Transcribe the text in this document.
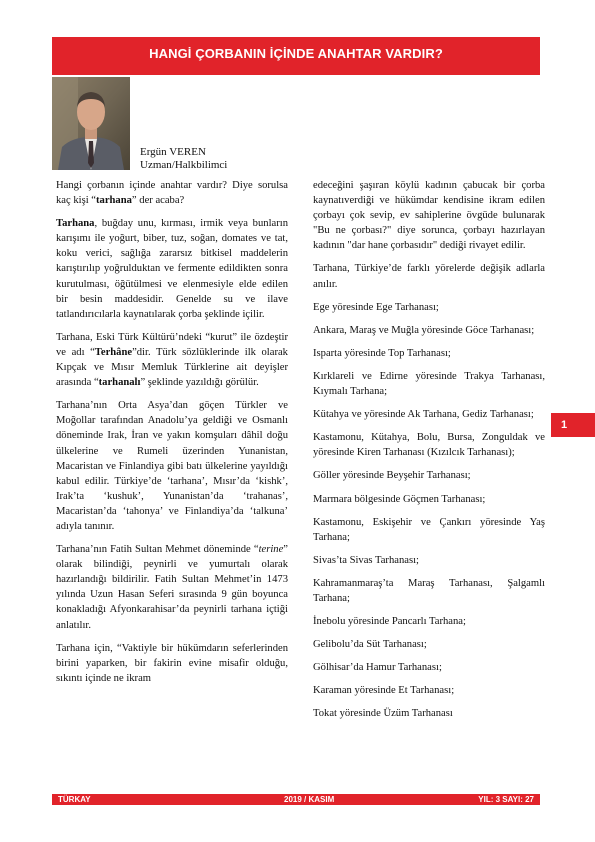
HANGİ ÇORBANIN İÇİNDE ANAHTAR VARDIR?
Ergün VEREN
Uzman/Halkbilimci

Hangi çorbanın içinde anahtar vardır? Diye sorulsa kaç kişi “tarhana” der acaba?

Tarhana, buğday unu, kırması, irmik veya bunların karışımı ile yoğurt, biber, tuz, soğan, domates ve tat, koku verici, sağlığa zararsız bitkisel maddelerin karıştırılıp yoğrulduktan ve fermente edildikten sonra kurutulması, öğütülmesi ve elenmesiyle elde edilen bir besin maddesidir. Genelde su ve ilave tatlandırıcılarla kaynatılarak çorba şeklinde içilir.

Tarhana, Eski Türk Kültürü’ndeki “kurut” ile özdeştir ve adı “Terhâne”dir. Türk sözlüklerinde ilk olarak Kıpçak ve Mısır Memluk Türklerine ait deyişler arasında “tarhanalı” şeklinde yazıldığı görülür.

Tarhana’nın Orta Asya’dan göçen Türkler ve Moğollar tarafından Anadolu’ya geldiği ve Osmanlı döneminde Irak, İran ve yakın komşuları dâhil doğu ülkelerine ve Rumeli üzerinden Yunanistan, Macaristan ve Finlandiya gibi batı ülkelerine yayıldığı kabul edilir. Türkiye’de ‘tarhana’, Mısır’da ‘kishk’, Irak’ta ‘kushuk’, Yunanistan’da ‘trahanas’, Macaristan’da ‘tahonya’ ve Finlandiya’da ‘talkuna’ adıyla tanınır.

Tarhana’nın Fatih Sultan Mehmet döneminde “terine” olarak bilindiği, peynirli ve yumurtalı olarak hazırlandığı bildirilir. Fatih Sultan Mehmet’in 1473 yılında Uzun Hasan Seferi sırasında 9 gün boyunca konakladığı Afyonkarahisar’da peynirli tarhana içtiği anlatılır.

Tarhana için, “Vaktiyle bir hükümdarın seferlerinden birini yaparken, bir fakirin evine misafir olduğu, sıkıntı içinde ne ikram

edeceğini şaşıran köylü kadının çabucak bir çorba kaynatıverdiği ve hükümdar kendisine ikram edilen çorbayı çok sevip, ev sahiplerine övgüde bulunarak "Bu ne çorbası?" diye sorunca, çorbayı hazırlayan kadının "dar hane çorbasıdır" dediği rivayet edilir.

Tarhana, Türkiye’de farklı yörelerde değişik adlarla anılır.

Ege yöresinde Ege Tarhanası;

Ankara, Maraş ve Muğla yöresinde Göce Tarhanası;

Isparta yöresinde Top Tarhanası;

Kırklareli ve Edirne yöresinde Trakya Tarhanası, Kıymalı Tarhana;

Kütahya ve yöresinde Ak Tarhana, Gediz Tarhanası;

Kastamonu, Kütahya, Bolu, Bursa, Zonguldak ve yöresinde Kiren Tarhanası (Kızılcık Tarhanası);

Göller yöresinde Beyşehir Tarhanası;

Marmara bölgesinde Göçmen Tarhanası;

Kastamonu, Eskişehir ve Çankırı yöresinde Yaş Tarhana;

Sivas’ta Sivas Tarhanası;

Kahramanmaraş’ta Maraş Tarhanası, Şalgamlı Tarhana;

İnebolu yöresinde Pancarlı Tarhana;

Gelibolu’da Süt Tarhanası;

Gölhisar’da Hamur Tarhanası;

Karaman yöresinde Et Tarhanası;

Tokat yöresinde Üzüm Tarhanası

1
TÜRKAY	2019 / KASIM	YIL: 3 SAYI: 27
